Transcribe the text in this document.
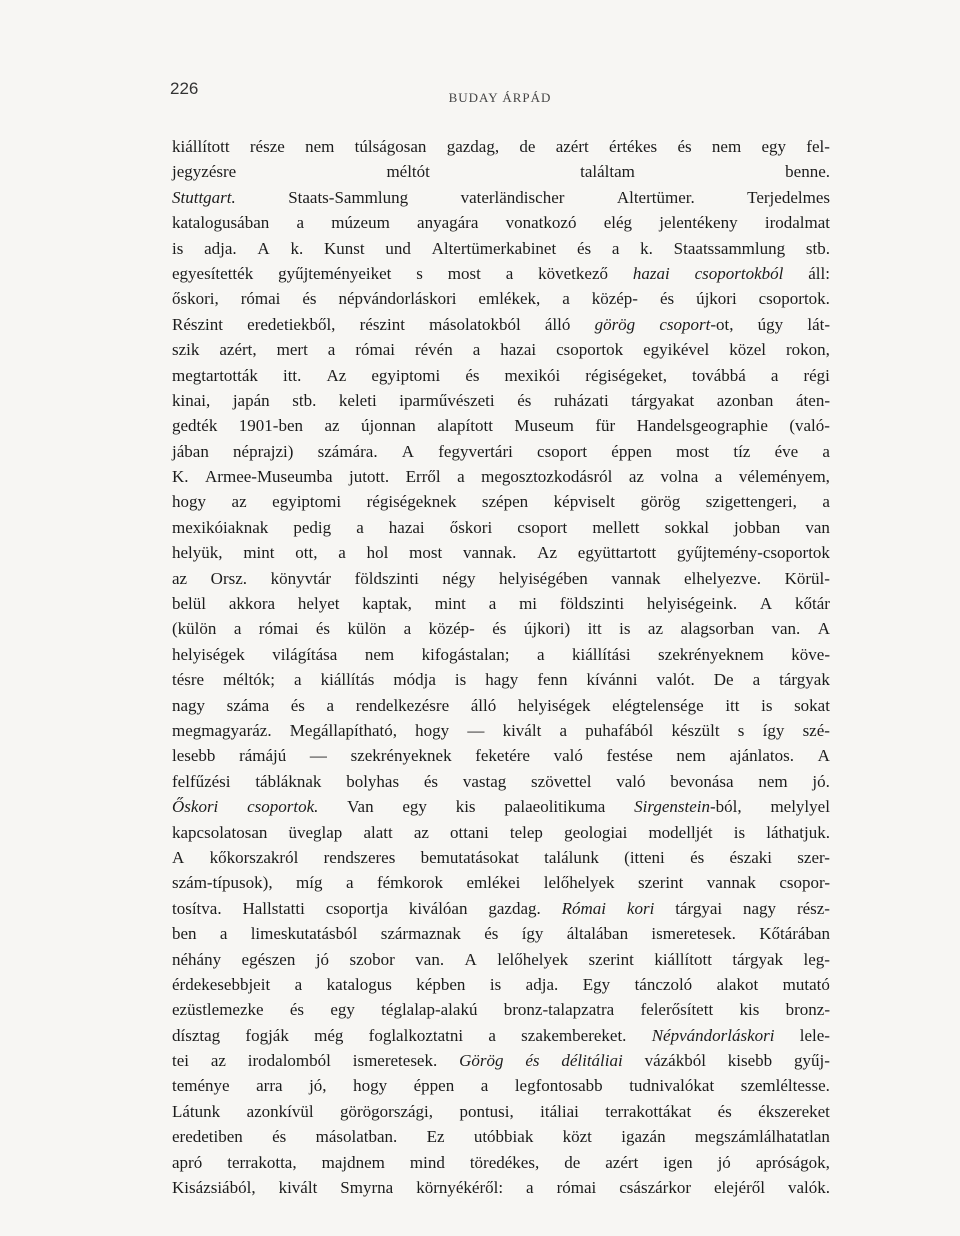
226	BUDAY ÁRPÁD
kiállított része nem túlságosan gazdag, de azért értékes és nem egy fel-
jegyzésre	méltót	találtam	benne.
Stuttgart.	Staats-Sammlung	vaterländischer	Altertümer.	Terjedelmes
katalogusában a múzeum anyagára vonatkozó elég jelentékeny irodalmat
is adja. A k. Kunst und Altertümerkabinet és a k. Staatssammlung stb.
egyesítették gyűjteményeiket s most a következő hazai csoportokból áll:
őskori, római és népvándorláskori emlékek, a közép- és újkori csoportok.
Részint eredetiekből, részint másolatokból álló görög csoport-ot, úgy lát-
szik azért, mert a római révén a hazai csoportok egyikével közel rokon,
megtartották itt. Az egyiptomi és mexikói régiségeket, továbbá a régi
kinai, japán stb. keleti iparművészeti és ruházati tárgyakat azonban áten-
gedték 1901-ben az újonnan alapított Museum für Handelsgeographie (való-
jában néprajzi) számára. A fegyvertári csoport éppen most tíz éve a
K. Armee-Museumba jutott. Erről a megosztozkodásról az volna a véleményem,
hogy az egyiptomi régiségeknek szépen képviselt görög szigettengeri, a
mexikóiaknak pedig a hazai őskori csoport mellett sokkal jobban van
helyük, mint ott, a hol most vannak. Az együttartott gyűjtemény-csoportok
az Orsz. könyvtár földszinti négy helyiségében vannak elhelyezve. Körül-
belül akkora helyet kaptak, mint a mi földszinti helyiségeink. A kőtár
(külön a római és külön a közép- és újkori) itt is az alagsorban van. A
helyiségek világítása nem kifogástalan; a kiállítási szekrényeknem köve-
tésre méltók; a kiállítás módja is hagy fenn kívánni valót. De a tárgyak
nagy száma és a rendelkezésre álló helyiségek elégtelensége itt is sokat
megmagyaráz. Megállapítható, hogy — kivált a puhafából készült s így szé-
lesebb rámájú — szekrényeknek feketére való festése nem ajánlatos. A
felfűzési tábláknak bolyhas és vastag szövettel való bevonása nem jó.
Őskori csoportok. Van egy kis palaeolitikuma Sirgenstein-ból, melylyel
kapcsolatosan üveglap alatt az ottani telep geologiai modelljét is láthatjuk.
A kőkorszakról rendszeres bemutatásokat találunk (itteni és északi szer-
szám-típusok), míg a fémkorok emlékei lelőhelyek szerint vannak csopor-
tosítva. Hallstatti csoportja kiválóan gazdag. Római kori tárgyai nagy rész-
ben a limeskutatásból származnak és így általában ismeretesek. Kőtárában
néhány egészen jó szobor van. A lelőhelyek szerint kiállított tárgyak leg-
érdekesebbjeit a katalogus képben is adja. Egy tánczoló alakot mutató
ezüstlemezke és egy téglalap-alakú bronz-talapzatra felerősített kis bronz-
dísztag fogják még foglalkoztatni a szakembereket. Népvándorláskori lele-
tei az irodalomból ismeretesek. Görög és délitáliai vázákból kisebb gyűj-
teménye arra jó, hogy éppen a legfontosabb tudnivalókat szemléltesse.
Látunk azonkívül görögországi, pontusi, itáliai terrakottákat és ékszereket
eredetiben és másolatban. Ez utóbbiak közt igazán megszámlálhatatlan
apró terrakotta, majdnem mind töredékes, de azért igen jó apróságok,
Kisázsiából, kivált Smyrna környékéről: a római császárkor elejéről valók.
